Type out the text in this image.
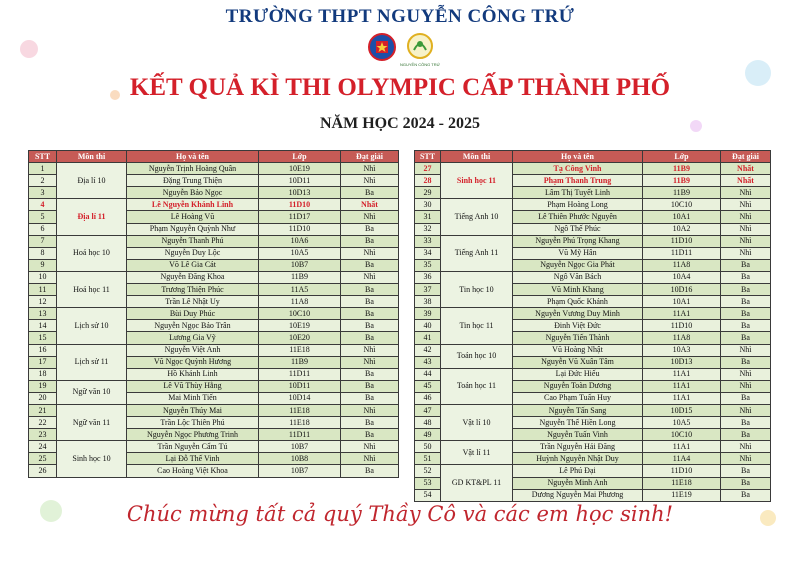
TRƯỜNG THPT NGUYỄN CÔNG TRỨ
NGUYỄN CÔNG TRỨ
KẾT QUẢ KÌ THI OLYMPIC CẤP THÀNH PHỐ
NĂM HỌC 2024 - 2025
STT	Môn thi	Họ và tên	Lớp	Đạt giải
1	Địa lí 10	Nguyễn Trịnh Hoàng Quân	10E19	Nhì
2		Đặng Trung Thiện	10D11	Nhì
3		Nguyễn Bảo Ngọc	10D13	Ba
4	Địa lí 11	Lê Nguyễn Khánh Linh	11D10	Nhất
5		Lê Hoàng Vũ	11D17	Nhì
6		Phạm Nguyễn Quỳnh Như	11D10	Ba
7	Hoá học 10	Nguyễn Thanh Phú	10A6	Ba
8		Nguyễn Duy Lộc	10A5	Nhì
9		Võ Lê Gia Cát	10B7	Ba
10	Hoá học 11	Nguyễn Đăng Khoa	11B9	Nhì
11		Trương Thiện Phúc	11A5	Ba
12		Trần Lê Nhật Uy	11A8	Ba
13	Lịch sử 10	Bùi Duy Phúc	10C10	Ba
14		Nguyễn Ngọc Bảo Trân	10E19	Ba
15		Lương Gia Vỹ	10E20	Ba
16	Lịch sử 11	Nguyễn Việt Anh	11E18	Nhì
17		Vũ Ngọc Quỳnh Hương	11B9	Nhì
18		Hồ Khánh Linh	11D11	Ba
19	Ngữ văn 10	Lê Vũ Thùy Hằng	10D11	Ba
20		Mai Minh Tiến	10D14	Ba
21	Ngữ văn 11	Nguyễn Thúy Mai	11E18	Nhì
22		Trần Lộc Thiên Phú	11E18	Ba
23		Nguyễn Ngọc Phương Trinh	11D11	Ba
24	Sinh học 10	Trần Nguyễn Cẩm Tú	10B7	Nhì
25		Lại Đỗ Thế Vinh	10B8	Nhì
26		Cao Hoàng Việt Khoa	10B7	Ba
STT	Môn thi	Họ và tên	Lớp	Đạt giải
27	Sinh học 11	Tạ Công Vinh	11B9	Nhất
28		Phạm Thanh Trung	11B9	Nhất
29		Lâm Thị Tuyết Linh	11B9	Nhì
30	Tiếng Anh 10	Phạm Hoàng Long	10C10	Nhì
31		Lê Thiên Phước Nguyên	10A1	Nhì
32		Ngô Thế Phúc	10A2	Nhì
33	Tiếng Anh 11	Nguyễn Phú Trọng Khang	11D10	Nhì
34		Vũ Mỹ Hân	11D11	Nhì
35		Nguyễn Ngọc Gia Phát	11A8	Ba
36	Tin học 10	Ngô Văn Bách	10A4	Ba
37		Vũ Minh Khang	10D16	Ba
38		Phạm Quốc Khánh	10A1	Ba
39	Tin học 11	Nguyễn Vương Duy Minh	11A1	Ba
40		Đinh Việt Đức	11D10	Ba
41		Nguyễn Tiến Thành	11A8	Ba
42	Toán học 10	Vũ Hoàng Nhật	10A3	Nhì
43		Nguyễn Vũ Xuân Tâm	10D13	Ba
44	Toán học 11	Lại Đức Hiếu	11A1	Nhì
45		Nguyễn Toàn Dương	11A1	Nhì
46		Cao Phạm Tuấn Huy	11A1	Ba
47	Vật lí 10	Nguyễn Tấn Sang	10D15	Nhì
48		Nguyễn Thế Hiền Long	10A5	Ba
49		Nguyễn Tuấn Vinh	10C10	Ba
50	Vật lí 11	Trần Nguyễn Hải Đăng	11A1	Nhì
51		Huỳnh Nguyễn Nhật Duy	11A4	Nhì
52	GD KT&PL 11	Lê Phú Đại	11D10	Ba
53		Nguyễn Minh Anh	11E18	Ba
54		Dương Nguyễn Mai Phương	11E19	Ba
Chúc mừng tất cả quý Thầy Cô và các em học sinh!
